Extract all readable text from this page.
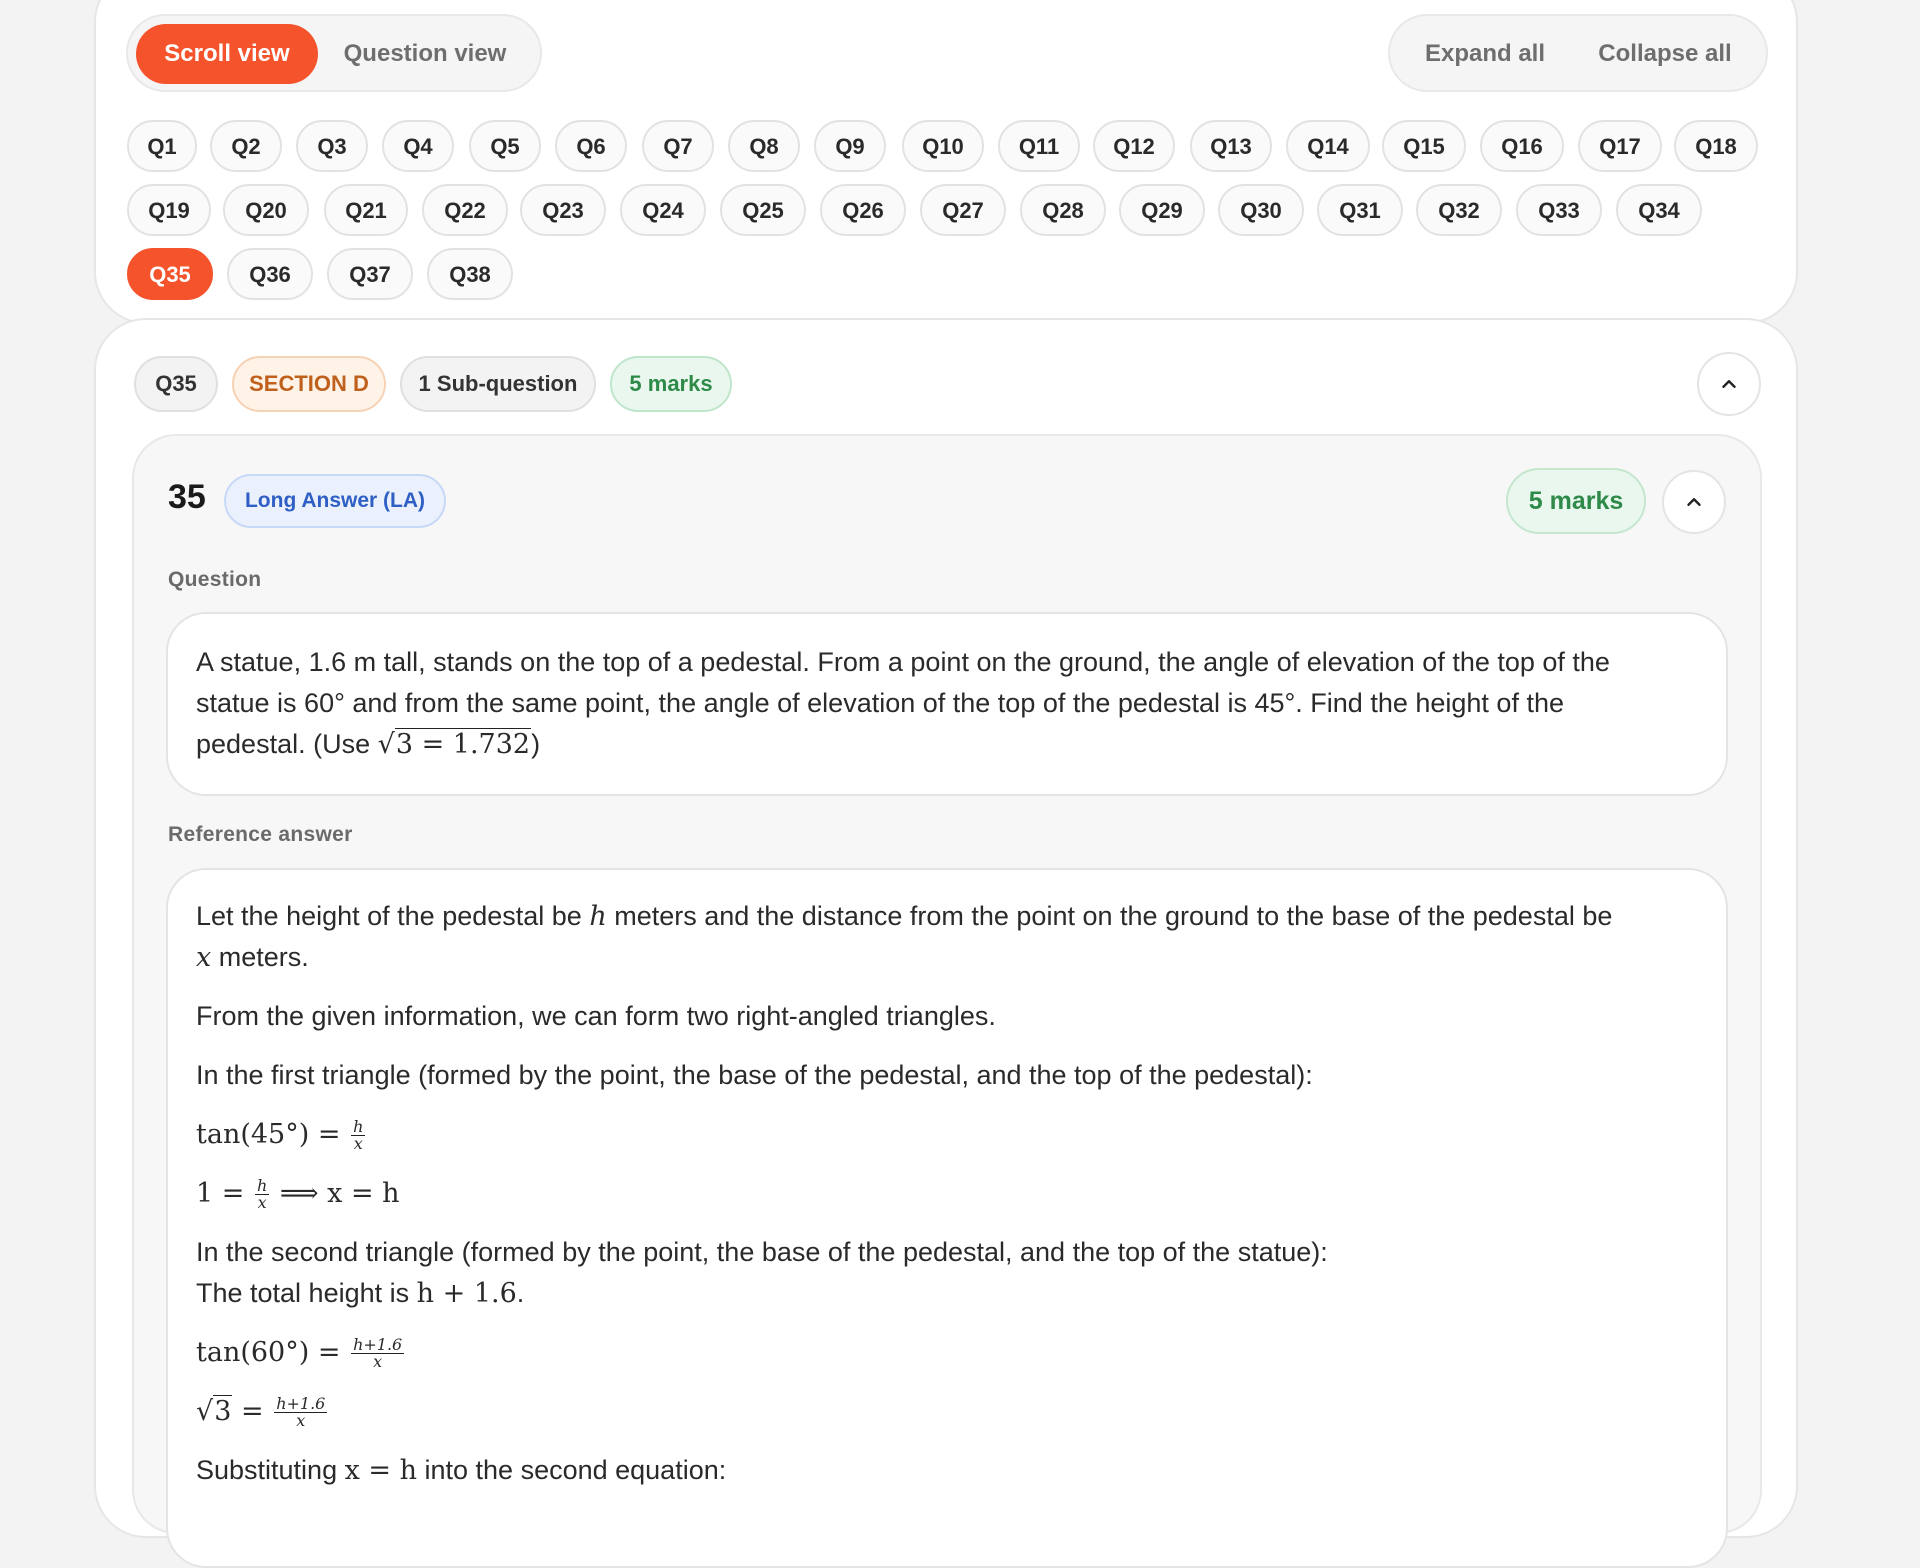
Scroll view	Question view	Expand all	Collapse all
Q1	Q2	Q3	Q4	Q5	Q6	Q7	Q8	Q9	Q10	Q11	Q12	Q13	Q14	Q15	Q16	Q17	Q18
Q19	Q20	Q21	Q22	Q23	Q24	Q25	Q26	Q27	Q28	Q29	Q30	Q31	Q32	Q33	Q34
Q35	Q36	Q37	Q38
Q35	SECTION D	1 Sub-question	5 marks
35	Long Answer (LA)	5 marks
Question
A statue, 1.6 m tall, stands on the top of a pedestal. From a point on the ground, the angle of elevation of the top of the
statue is 60° and from the same point, the angle of elevation of the top of the pedestal is 45°. Find the height of the
pedestal. (Use √3 = 1.732)
Reference answer
Let the height of the pedestal be h meters and the distance from the point on the ground to the base of the pedestal be
x meters.
From the given information, we can form two right-angled triangles.
In the first triangle (formed by the point, the base of the pedestal, and the top of the pedestal):
$\tan(45^\circ) = \frac{h}{x}$
$1 = \frac{h}{x}$ ⟹ x = h
In the second triangle (formed by the point, the base of the pedestal, and the top of the statue):
The total height is h + 1.6.
$\tan(60^\circ) = \frac{h+1.6}{x}$
$√3 = \frac{h+1.6}{x}$
Substituting x = h into the second equation:
